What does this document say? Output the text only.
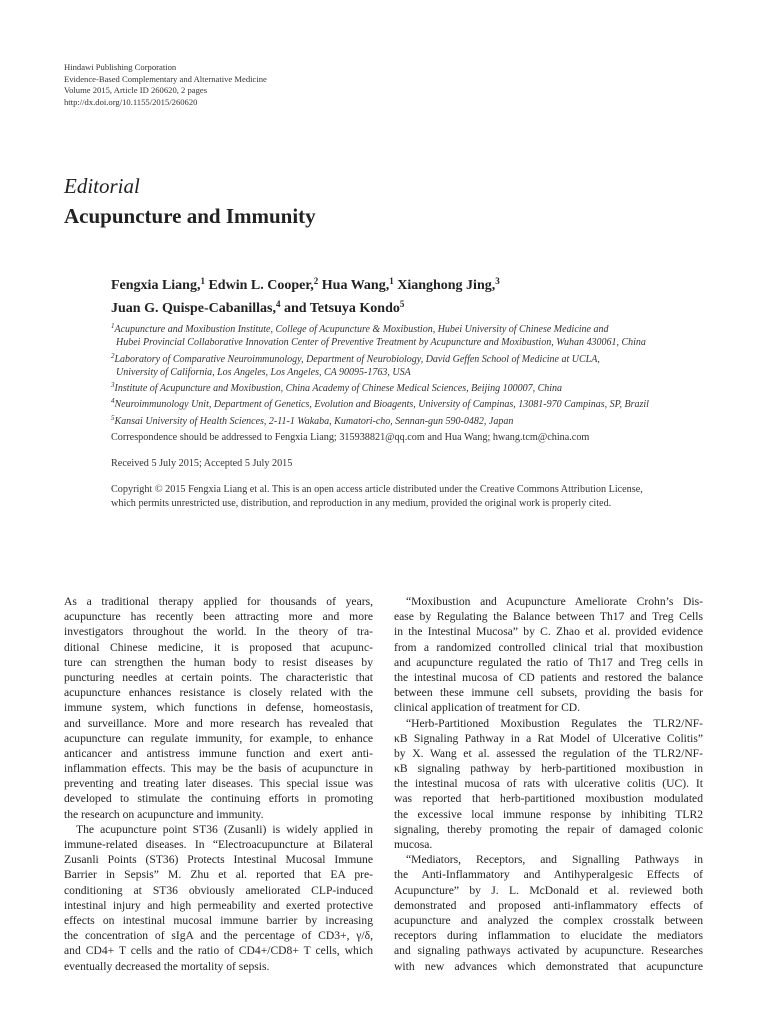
Hindawi Publishing Corporation
Evidence-Based Complementary and Alternative Medicine
Volume 2015, Article ID 260620, 2 pages
http://dx.doi.org/10.1155/2015/260620
Editorial
Acupuncture and Immunity
Fengxia Liang,$^1$ Edwin L. Cooper,$^2$ Hua Wang,$^1$ Xianghong Jing,$^3$
Juan G. Quispe-Cabanillas,$^4$ and Tetsuya Kondo$^5$
$^1$Acupuncture and Moxibustion Institute, College of Acupuncture & Moxibustion, Hubei University of Chinese Medicine and
Hubei Provincial Collaborative Innovation Center of Preventive Treatment by Acupuncture and Moxibustion, Wuhan 430061, China
$^2$Laboratory of Comparative Neuroimmunology, Department of Neurobiology, David Geffen School of Medicine at UCLA,
University of California, Los Angeles, Los Angeles, CA 90095-1763, USA
$^3$Institute of Acupuncture and Moxibustion, China Academy of Chinese Medical Sciences, Beijing 100007, China
$^4$Neuroimmunology Unit, Department of Genetics, Evolution and Bioagents, University of Campinas, 13081-970 Campinas, SP, Brazil
$^5$Kansai University of Health Sciences, 2-11-1 Wakaba, Kumatori-cho, Sennan-gun 590-0482, Japan
Correspondence should be addressed to Fengxia Liang; 315938821@qq.com and Hua Wang; hwang.tcm@china.com
Received 5 July 2015; Accepted 5 July 2015
Copyright © 2015 Fengxia Liang et al. This is an open access article distributed under the Creative Commons Attribution License,
which permits unrestricted use, distribution, and reproduction in any medium, provided the original work is properly cited.
As a traditional therapy applied for thousands of years,
acupuncture has recently been attracting more and more
investigators throughout the world. In the theory of tra-
ditional Chinese medicine, it is proposed that acupunc-
ture can strengthen the human body to resist diseases by
puncturing needles at certain points. The characteristic that
acupuncture enhances resistance is closely related with the
immune system, which functions in defense, homeostasis,
and surveillance. More and more research has revealed that
acupuncture can regulate immunity, for example, to enhance
anticancer and antistress immune function and exert anti-
inflammation effects. This may be the basis of acupuncture in
preventing and treating later diseases. This special issue was
developed to stimulate the continuing efforts in promoting
the research on acupuncture and immunity.
The acupuncture point ST36 (Zusanli) is widely applied in
immune-related diseases. In “Electroacupuncture at Bilateral
Zusanli Points (ST36) Protects Intestinal Mucosal Immune
Barrier in Sepsis” M. Zhu et al. reported that EA pre-
conditioning at ST36 obviously ameliorated CLP-induced
intestinal injury and high permeability and exerted protective
effects on intestinal mucosal immune barrier by increasing
the concentration of sIgA and the percentage of CD3+, γ/δ,
and CD4+ T cells and the ratio of CD4+/CD8+ T cells, which
eventually decreased the mortality of sepsis.
“Moxibustion and Acupuncture Ameliorate Crohn’s Dis-
ease by Regulating the Balance between Th17 and Treg Cells
in the Intestinal Mucosa” by C. Zhao et al. provided evidence
from a randomized controlled clinical trial that moxibustion
and acupuncture regulated the ratio of Th17 and Treg cells in
the intestinal mucosa of CD patients and restored the balance
between these immune cell subsets, providing the basis for
clinical application of treatment for CD.
“Herb-Partitioned Moxibustion Regulates the TLR2/NF-
κB Signaling Pathway in a Rat Model of Ulcerative Colitis”
by X. Wang et al. assessed the regulation of the TLR2/NF-
κB signaling pathway by herb-partitioned moxibustion in
the intestinal mucosa of rats with ulcerative colitis (UC). It
was reported that herb-partitioned moxibustion modulated
the excessive local immune response by inhibiting TLR2
signaling, thereby promoting the repair of damaged colonic
mucosa.
“Mediators, Receptors, and Signalling Pathways in
the Anti-Inflammatory and Antihyperalgesic Effects of
Acupuncture” by J. L. McDonald et al. reviewed both
demonstrated and proposed anti-inflammatory effects of
acupuncture and analyzed the complex crosstalk between
receptors during inflammation to elucidate the mediators
and signaling pathways activated by acupuncture. Researches
with new advances which demonstrated that acupuncture
